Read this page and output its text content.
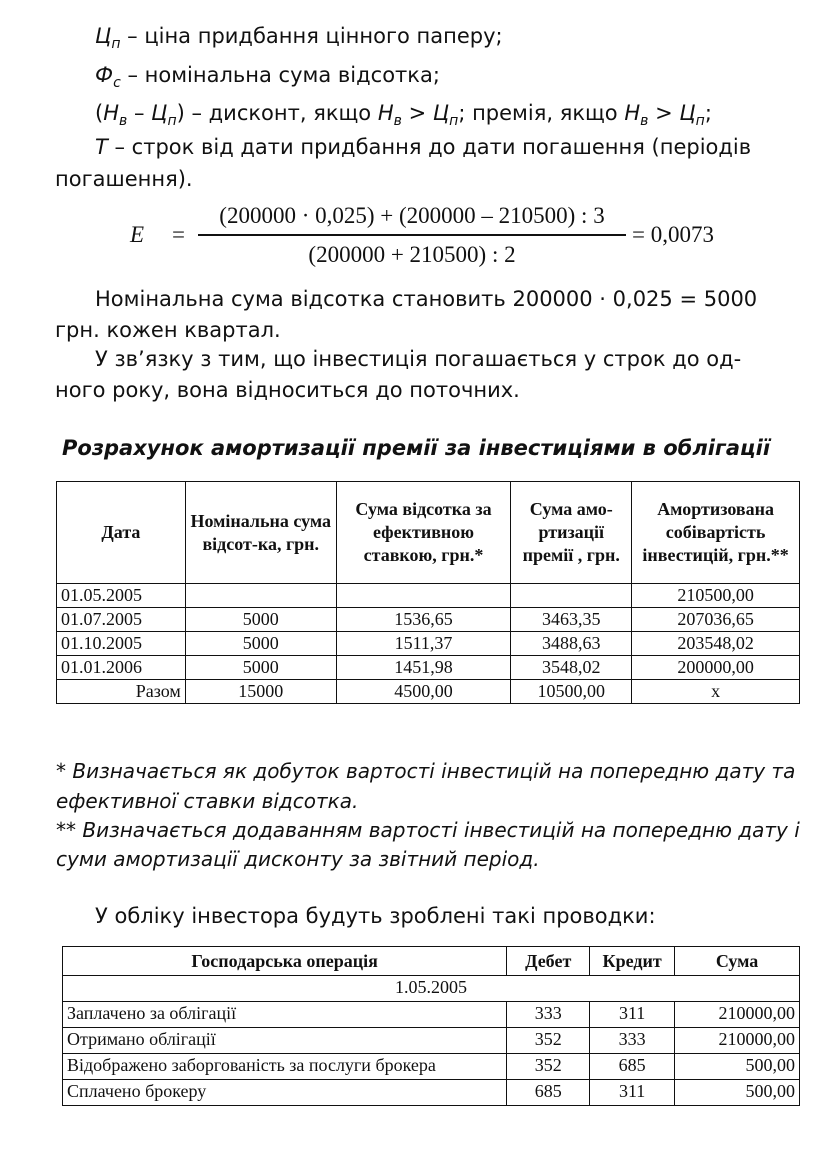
$Ц_п$ – ціна придбання цінного паперу;
$Ф_с$ – номінальна сума відсотка;
$(Н_в - Ц_п)$ – дисконт, якщо $Н_в > Ц_п$; премія, якщо $Н_в > Ц_п$;
Т – строк від дати придбання до дати погашення (періодів
погашення).
E =
(200000 · 0,025) + (200000 – 210500) : 3
(200000 + 210500) : 2
= 0,0073
Номінальна сума відсотка становить 200000 · 0,025 = 5000
грн. кожен квартал.
У зв’язку з тим, що інвестиція погашається у строк до од-
ного року, вона відноситься до поточних.
Розрахунок амортизації премії за інвестиціями в облігації
Дата	Номінальна сума відсот-ка, грн.	Сума відсотка за ефективною ставкою, грн.*	Сума амо-ртизації премії , грн.	Амортизована собівартість інвестицій, грн.**
01.05.2005				210500,00
01.07.2005	5000	1536,65	3463,35	207036,65
01.10.2005	5000	1511,37	3488,63	203548,02
01.01.2006	5000	1451,98	3548,02	200000,00
Разом	15000	4500,00	10500,00	x
* Визначається як добуток вартості інвестицій на попередню дату та
ефективної ставки відсотка.
** Визначається додаванням вартості інвестицій на попередню дату і
суми амортизації дисконту за звітний період.
У обліку інвестора будуть зроблені такі проводки:
Господарська операція	Дебет	Кредит	Сума
1.05.2005			
Заплачено за облігації	333	311	210000,00
Отримано облігації	352	333	210000,00
Відображено заборгованість за послуги брокера	352	685	500,00
Сплачено брокеру	685	311	500,00
